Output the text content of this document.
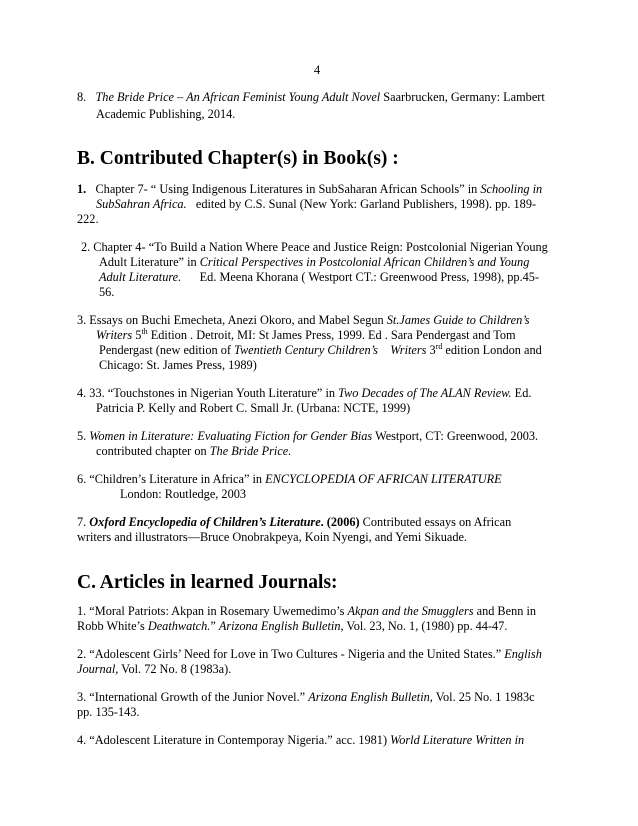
4
8. The Bride Price – An African Feminist Young Adult Novel Saarbrucken, Germany: Lambert
Academic Publishing, 2014.
B. Contributed Chapter(s) in Book(s) :
1. Chapter 7- “ Using Indigenous Literatures in SubSaharan African Schools” in Schooling in
SubSahran Africa. edited by C.S. Sunal (New York: Garland Publishers, 1998). pp. 189-
222.
2. Chapter 4- “To Build a Nation Where Peace and Justice Reign: Postcolonial Nigerian Young
Adult Literature” in Critical Perspectives in Postcolonial African Children’s and Young
Adult Literature. Ed. Meena Khorana ( Westport CT.: Greenwood Press, 1998), pp.45-
56.
3. Essays on Buchi Emecheta, Anezi Okoro, and Mabel Segun St.James Guide to Children’s
Writers 5th Edition . Detroit, MI: St James Press, 1999. Ed . Sara Pendergast and Tom
Pendergast (new edition of Twentieth Century Children’s Writers 3rd edition London and
Chicago: St. James Press, 1989)
4. 33. “Touchstones in Nigerian Youth Literature” in Two Decades of The ALAN Review. Ed.
Patricia P. Kelly and Robert C. Small Jr. (Urbana: NCTE, 1999)
5. Women in Literature: Evaluating Fiction for Gender Bias Westport, CT: Greenwood, 2003.
contributed chapter on The Bride Price.
6. “Children’s Literature in Africa” in ENCYCLOPEDIA OF AFRICAN LITERATURE
London: Routledge, 2003
7. Oxford Encyclopedia of Children’s Literature. (2006) Contributed essays on African
writers and illustrators—Bruce Onobrakpeya, Koin Nyengi, and Yemi Sikuade.
C. Articles in learned Journals:
1. “Moral Patriots: Akpan in Rosemary Uwemedimo’s Akpan and the Smugglers and Benn in
Robb White’s Deathwatch.” Arizona English Bulletin, Vol. 23, No. 1, (1980) pp. 44-47.
2. “Adolescent Girls’ Need for Love in Two Cultures - Nigeria and the United States.” English
Journal, Vol. 72 No. 8 (1983a).
3. “International Growth of the Junior Novel.” Arizona English Bulletin, Vol. 25 No. 1 1983c
pp. 135-143.
4. “Adolescent Literature in Contemporay Nigeria.” acc. 1981) World Literature Written in
